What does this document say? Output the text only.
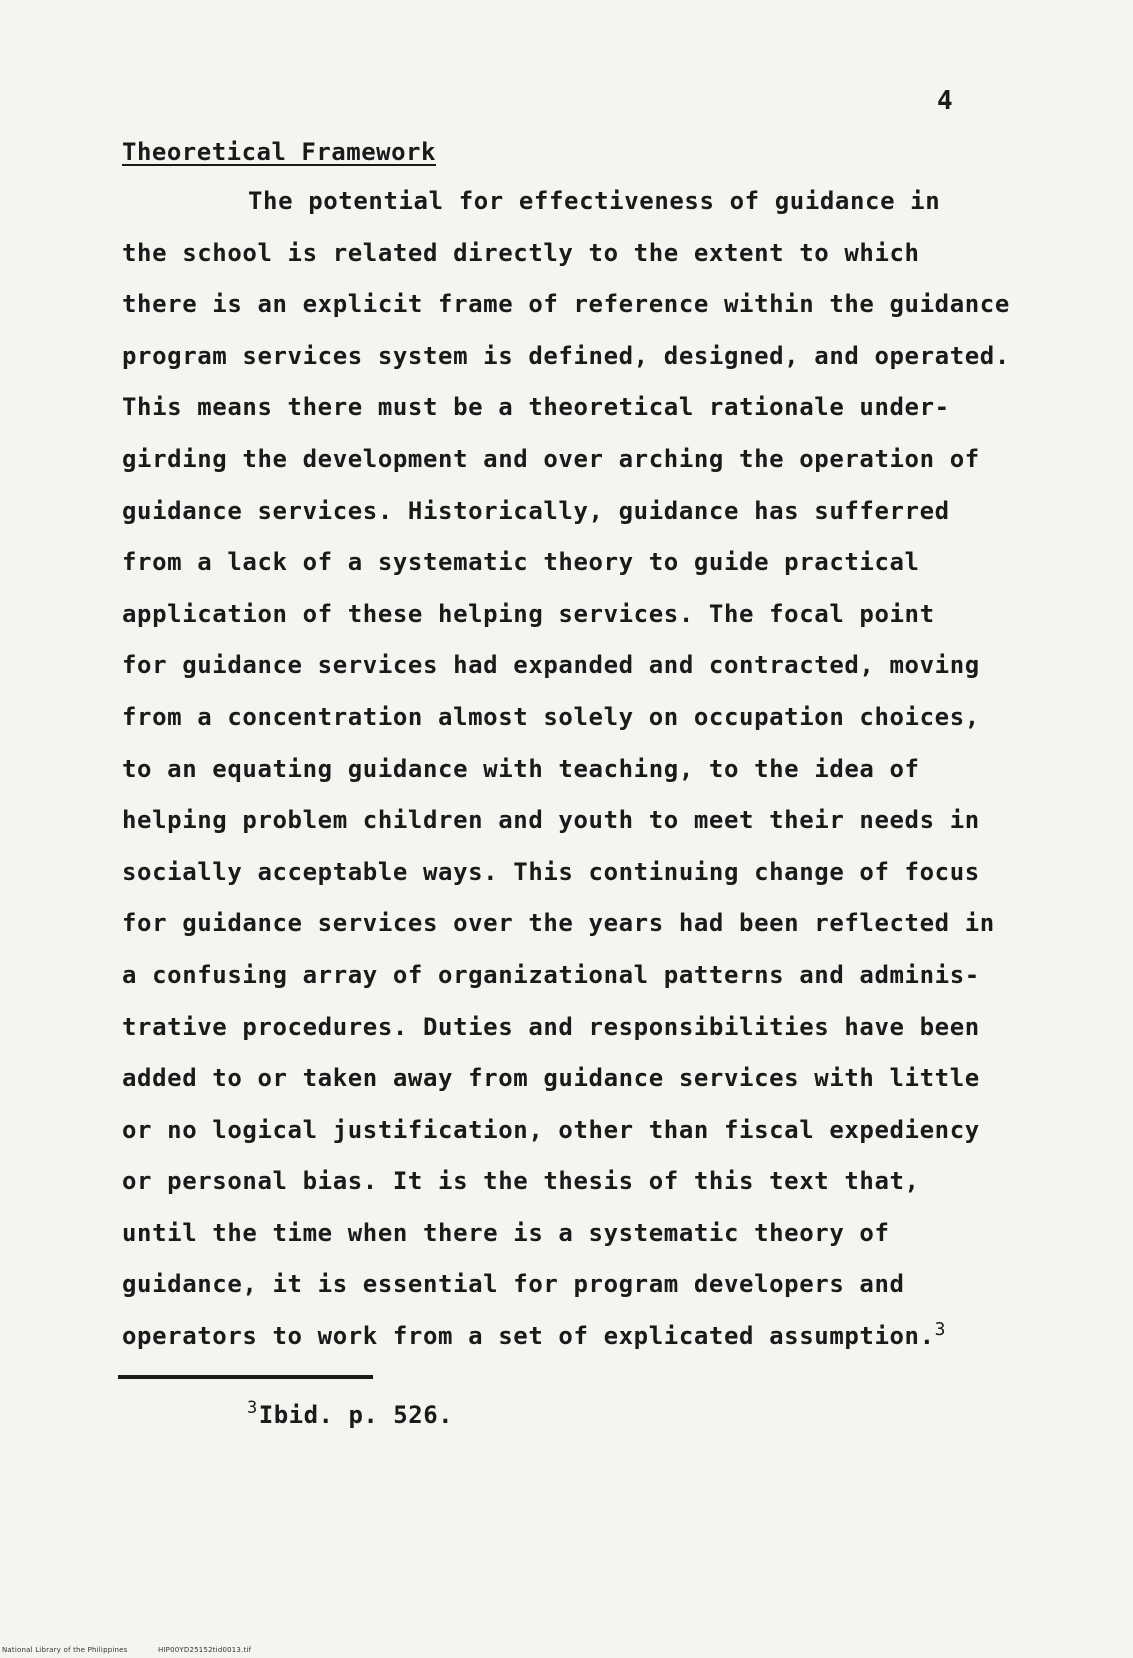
4
Theoretical Framework
The potential for effectiveness of guidance in
the school is related directly to the extent to which
there is an explicit frame of reference within the guidance
program services system is defined, designed, and operated.
This means there must be a theoretical rationale under-
girding the development and over arching the operation of
guidance services. Historically, guidance has sufferred
from a lack of a systematic theory to guide practical
application of these helping services. The focal point
for guidance services had expanded and contracted, moving
from a concentration almost solely on occupation choices,
to an equating guidance with teaching, to the idea of
helping problem children and youth to meet their needs in
socially acceptable ways. This continuing change of focus
for guidance services over the years had been reflected in
a confusing array of organizational patterns and adminis-
trative procedures. Duties and responsibilities have been
added to or taken away from guidance services with little
or no logical justification, other than fiscal expediency
or personal bias. It is the thesis of this text that,
until the time when there is a systematic theory of
guidance, it is essential for program developers and
operators to work from a set of explicated assumption.$^3$
$^3$Ibid. p. 526.
National Library of the Philippines	HIP00YD25152tid0013.tif
